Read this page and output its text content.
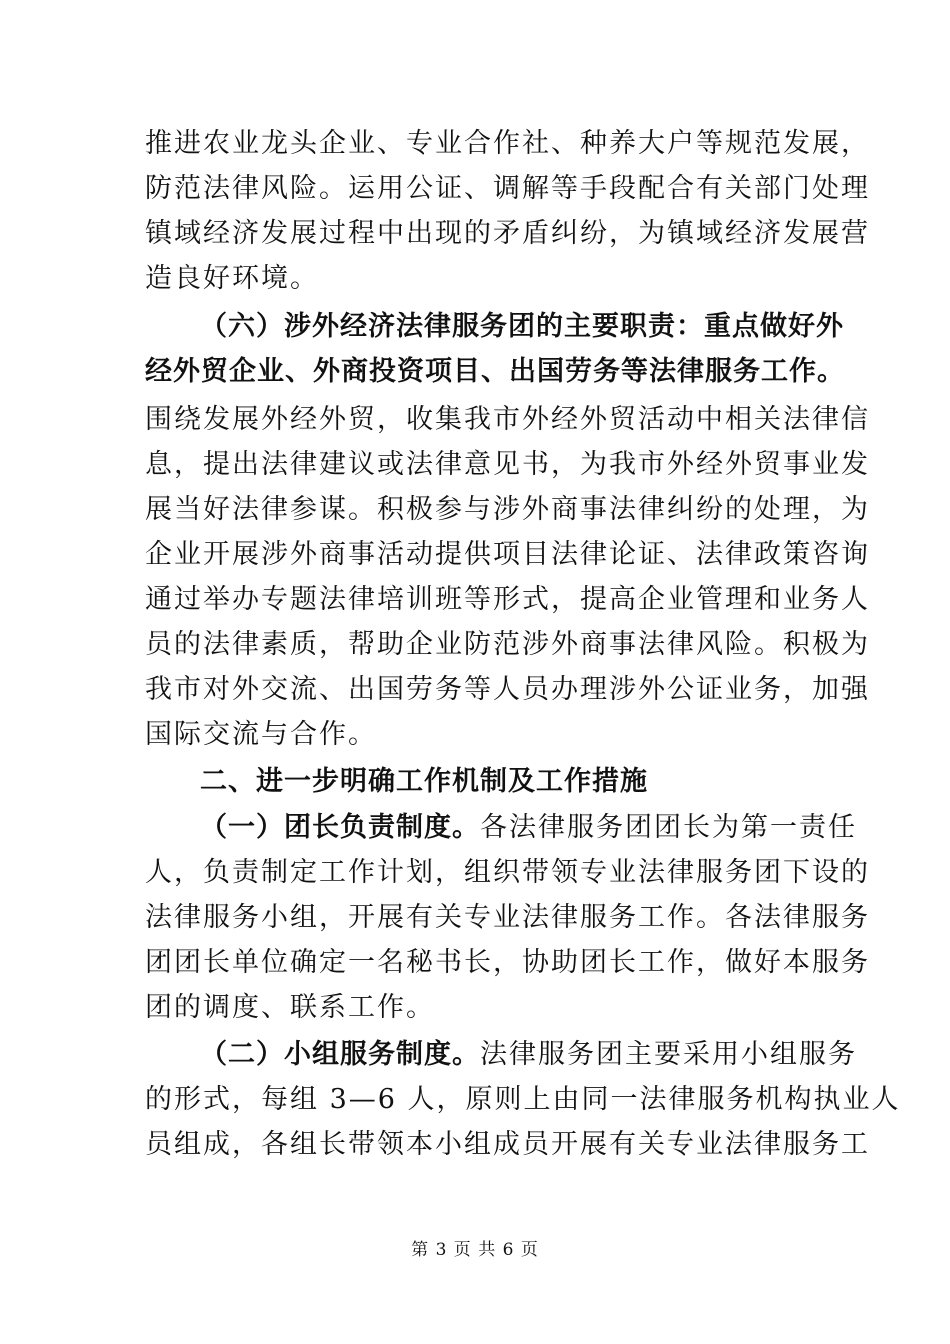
推进农业龙头企业、专业合作社、种养大户等规范发展，
防范法律风险。运用公证、调解等手段配合有关部门处理
镇域经济发展过程中出现的矛盾纠纷，为镇域经济发展营
造良好环境。
（六）涉外经济法律服务团的主要职责：重点做好外
经外贸企业、外商投资项目、出国劳务等法律服务工作。
围绕发展外经外贸，收集我市外经外贸活动中相关法律信
息，提出法律建议或法律意见书，为我市外经外贸事业发
展当好法律参谋。积极参与涉外商事法律纠纷的处理，为
企业开展涉外商事活动提供项目法律论证、法律政策咨询
通过举办专题法律培训班等形式，提高企业管理和业务人
员的法律素质，帮助企业防范涉外商事法律风险。积极为
我市对外交流、出国劳务等人员办理涉外公证业务，加强
国际交流与合作。
二、进一步明确工作机制及工作措施
（一）团长负责制度。各法律服务团团长为第一责任
人，负责制定工作计划，组织带领专业法律服务团下设的
法律服务小组，开展有关专业法律服务工作。各法律服务
团团长单位确定一名秘书长，协助团长工作，做好本服务
团的调度、联系工作。
（二）小组服务制度。法律服务团主要采用小组服务
的形式，每组 3—6 人，原则上由同一法律服务机构执业人
员组成，各组长带领本小组成员开展有关专业法律服务工
第 3 页 共 6 页
